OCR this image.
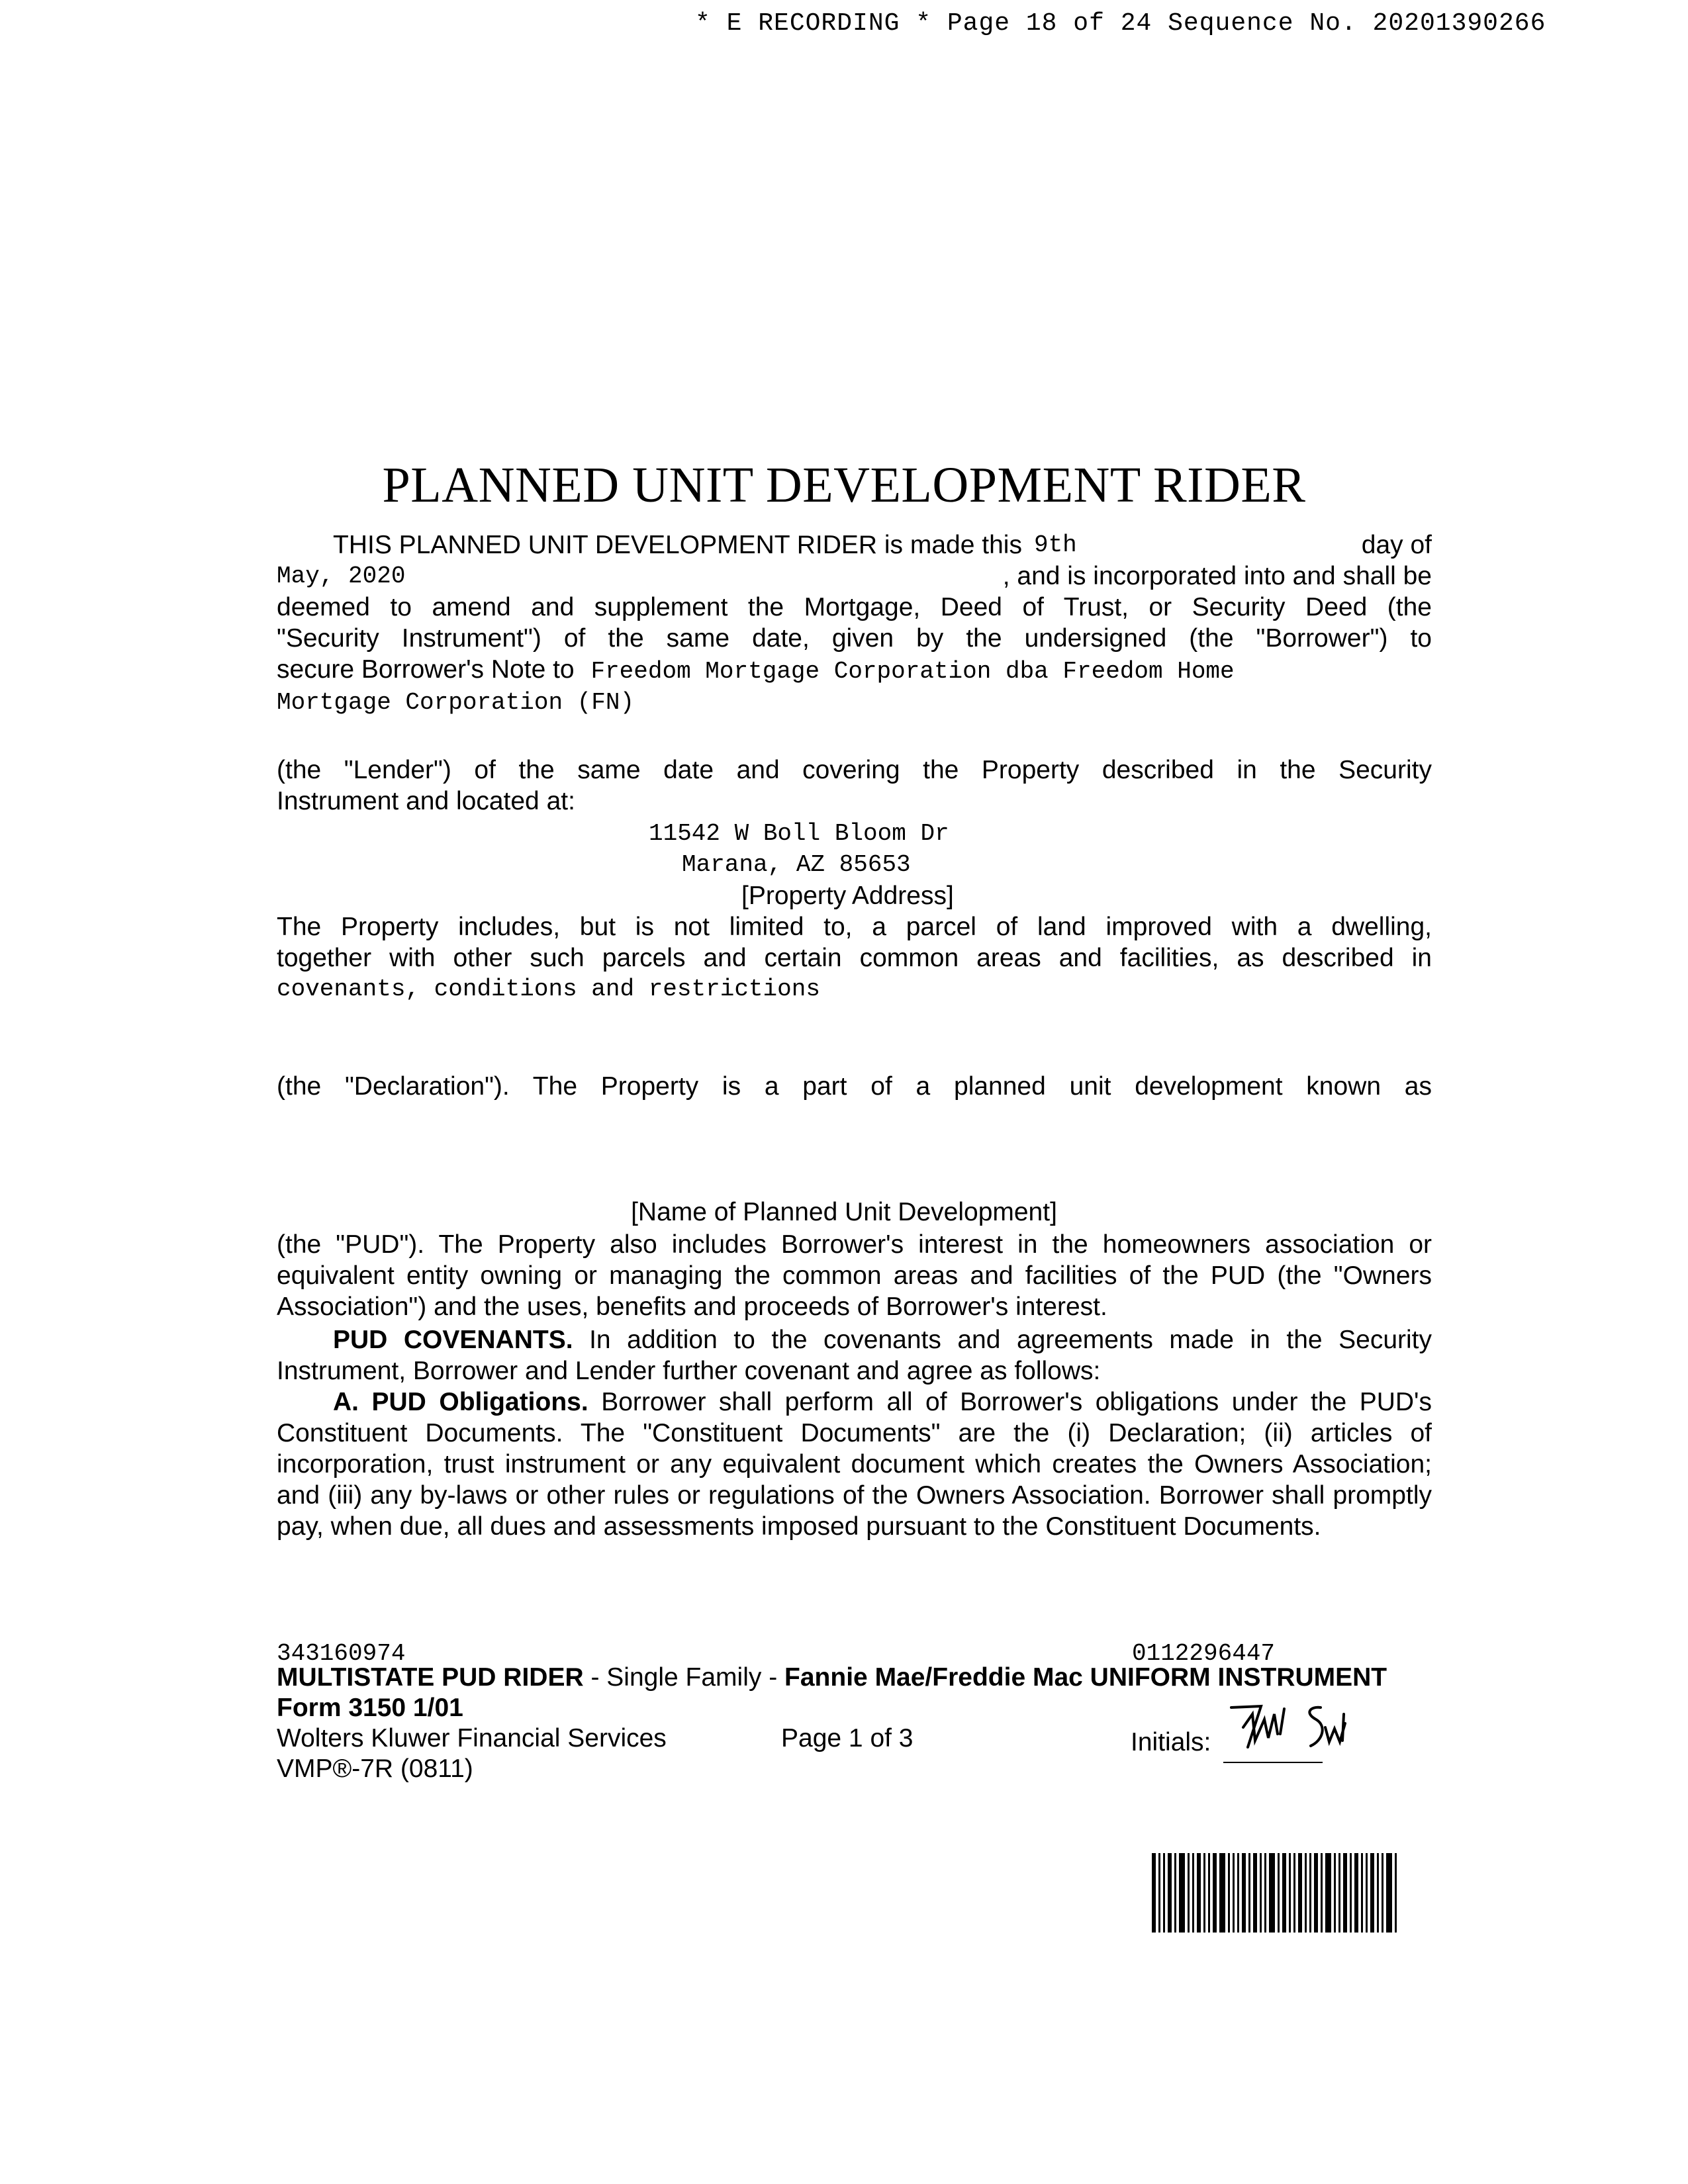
* E RECORDING * Page 18 of 24 Sequence No. 20201390266
PLANNED UNIT DEVELOPMENT RIDER
THIS PLANNED UNIT DEVELOPMENT RIDER is made this 9th	day of
May, 2020	, and is incorporated into and shall be
deemed to amend and supplement the Mortgage, Deed of Trust, or Security Deed (the
"Security Instrument") of the same date, given by the undersigned (the "Borrower") to
secure Borrower's Note to Freedom Mortgage Corporation dba Freedom Home
Mortgage Corporation (FN)
(the "Lender") of the same date and covering the Property described in the Security
Instrument and located at:
11542 W Boll Bloom Dr
Marana, AZ 85653
[Property Address]
The Property includes, but is not limited to, a parcel of land improved with a dwelling,
together with other such parcels and certain common areas and facilities, as described in
covenants, conditions and restrictions
(the "Declaration"). The Property is a part of a planned unit development known as
[Name of Planned Unit Development]
(the "PUD"). The Property also includes Borrower's interest in the homeowners association or equivalent entity owning or managing the common areas and facilities of the PUD (the "Owners Association") and the uses, benefits and proceeds of Borrower's interest.
PUD COVENANTS. In addition to the covenants and agreements made in the Security Instrument, Borrower and Lender further covenant and agree as follows:
A. PUD Obligations. Borrower shall perform all of Borrower's obligations under the PUD's Constituent Documents. The "Constituent Documents" are the (i) Declaration; (ii) articles of incorporation, trust instrument or any equivalent document which creates the Owners Association; and (iii) any by-laws or other rules or regulations of the Owners Association. Borrower shall promptly pay, when due, all dues and assessments imposed pursuant to the Constituent Documents.
343160974	0112296447
MULTISTATE PUD RIDER - Single Family - Fannie Mae/Freddie Mac UNIFORM INSTRUMENT
Form 3150 1/01
Wolters Kluwer Financial Services	Page 1 of 3	Initials:
VMP®-7R (0811)
